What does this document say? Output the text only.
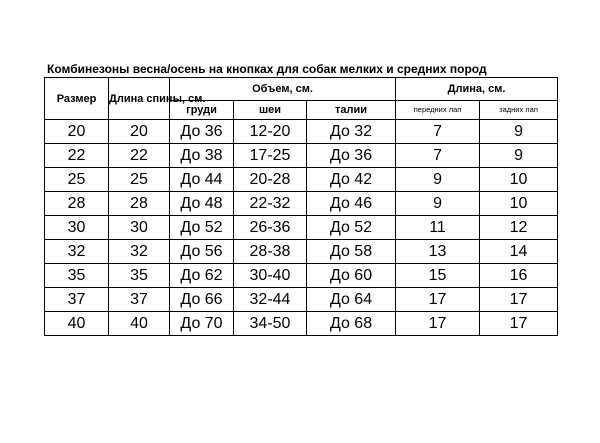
Комбинезоны весна/осень на кнопках для собак мелких и средних пород
Размер	Длина спины, см.	Объем, см.			Длина, см.	
		груди	шеи	талии	передних лап	задних лап
20	20	До 36	12-20	До 32	7	9
22	22	До 38	17-25	До 36	7	9
25	25	До 44	20-28	До 42	9	10
28	28	До 48	22-32	До 46	9	10
30	30	До 52	26-36	До 52	11	12
32	32	До 56	28-38	До 58	13	14
35	35	До 62	30-40	До 60	15	16
37	37	До 66	32-44	До 64	17	17
40	40	До 70	34-50	До 68	17	17
